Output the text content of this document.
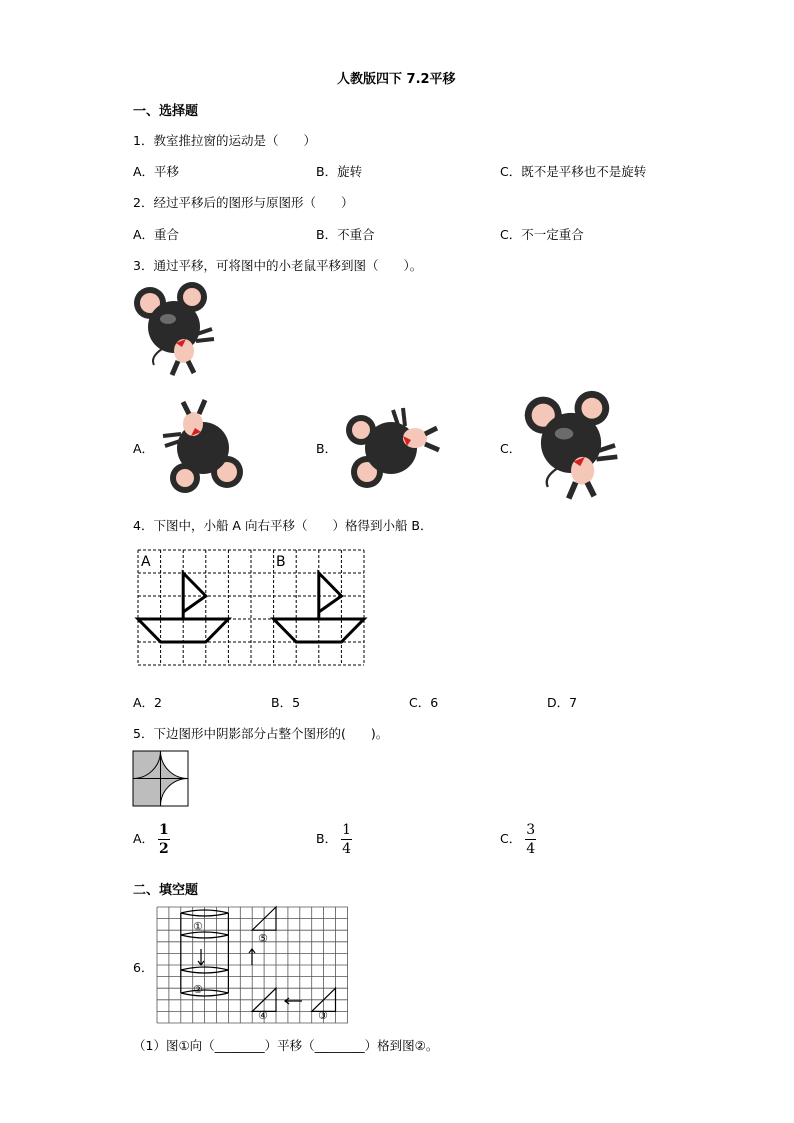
人教版四下 7.2平移
一、选择题
1．教室推拉窗的运动是（　　）
A．平移	B．旋转	C．既不是平移也不是旋转
2．经过平移后的图形与原图形（　　）
A．重合	B．不重合	C．不一定重合
3．通过平移，可将图中的小老鼠平移到图（　　）。
A．	B．	C．
4．下图中，小船 A 向右平移（　　）格得到小船 B．
A	B
A．2	B．5	C．6	D．7
5．下边图形中阴影部分占整个图形的(　　)。
A． $\frac{1}{2}$	B． $\frac{1}{4}$	C． $\frac{3}{4}$
二、填空题
6．
①
②
④
⑤
③
（1）图①向（________）平移（________）格到图②。
